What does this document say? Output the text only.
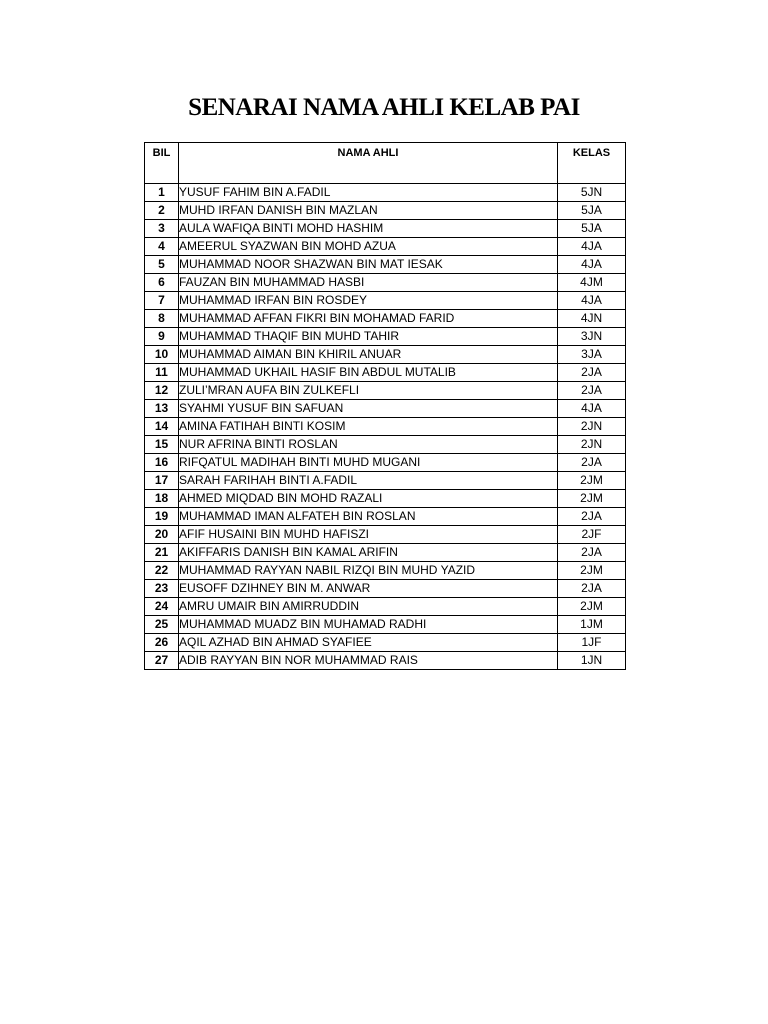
SENARAI NAMA AHLI KELAB PAI
BIL	NAMA AHLI	KELAS
1	YUSUF FAHIM BIN A.FADIL	5JN
2	MUHD IRFAN DANISH BIN MAZLAN	5JA
3	AULA WAFIQA BINTI MOHD HASHIM	5JA
4	AMEERUL SYAZWAN BIN MOHD AZUA	4JA
5	MUHAMMAD NOOR SHAZWAN BIN MAT IESAK	4JA
6	FAUZAN BIN MUHAMMAD HASBI	4JM
7	MUHAMMAD IRFAN BIN ROSDEY	4JA
8	MUHAMMAD AFFAN FIKRI BIN MOHAMAD FARID	4JN
9	MUHAMMAD THAQIF BIN MUHD TAHIR	3JN
10	MUHAMMAD AIMAN BIN KHIRIL ANUAR	3JA
11	MUHAMMAD UKHAIL HASIF BIN ABDUL MUTALIB	2JA
12	ZULI’MRAN AUFA BIN ZULKEFLI	2JA
13	SYAHMI YUSUF BIN SAFUAN	4JA
14	AMINA FATIHAH BINTI KOSIM	2JN
15	NUR AFRINA BINTI ROSLAN	2JN
16	RIFQATUL MADIHAH BINTI MUHD MUGANI	2JA
17	SARAH FARIHAH BINTI A.FADIL	2JM
18	AHMED MIQDAD BIN MOHD RAZALI	2JM
19	MUHAMMAD IMAN ALFATEH BIN ROSLAN	2JA
20	AFIF HUSAINI BIN MUHD HAFISZI	2JF
21	AKIFFARIS DANISH BIN KAMAL ARIFIN	2JA
22	MUHAMMAD RAYYAN NABIL RIZQI BIN MUHD YAZID	2JM
23	EUSOFF DZIHNEY BIN M. ANWAR	2JA
24	AMRU UMAIR BIN AMIRRUDDIN	2JM
25	MUHAMMAD MUADZ BIN MUHAMAD RADHI	1JM
26	AQIL AZHAD BIN AHMAD SYAFIEE	1JF
27	ADIB RAYYAN BIN NOR MUHAMMAD RAIS	1JN
